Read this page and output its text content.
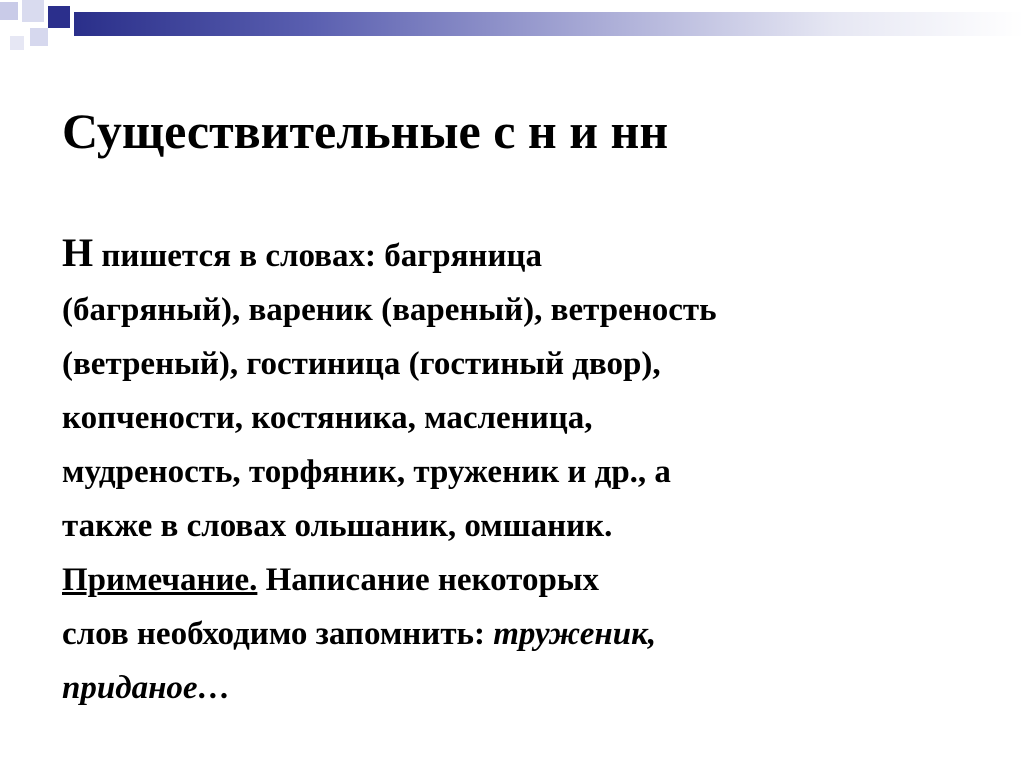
Существительные с н и нн
Н пишется в словах: багряница
(багряный), вареник (вареный), ветреность
(ветреный), гостиница (гостиный двор),
копчености, костяника, масленица,
мудреность, торфяник, труженик и др., а
также в словах ольшаник, омшаник.
Примечание. Написание некоторых
слов необходимо запомнить: труженик,
приданое…
